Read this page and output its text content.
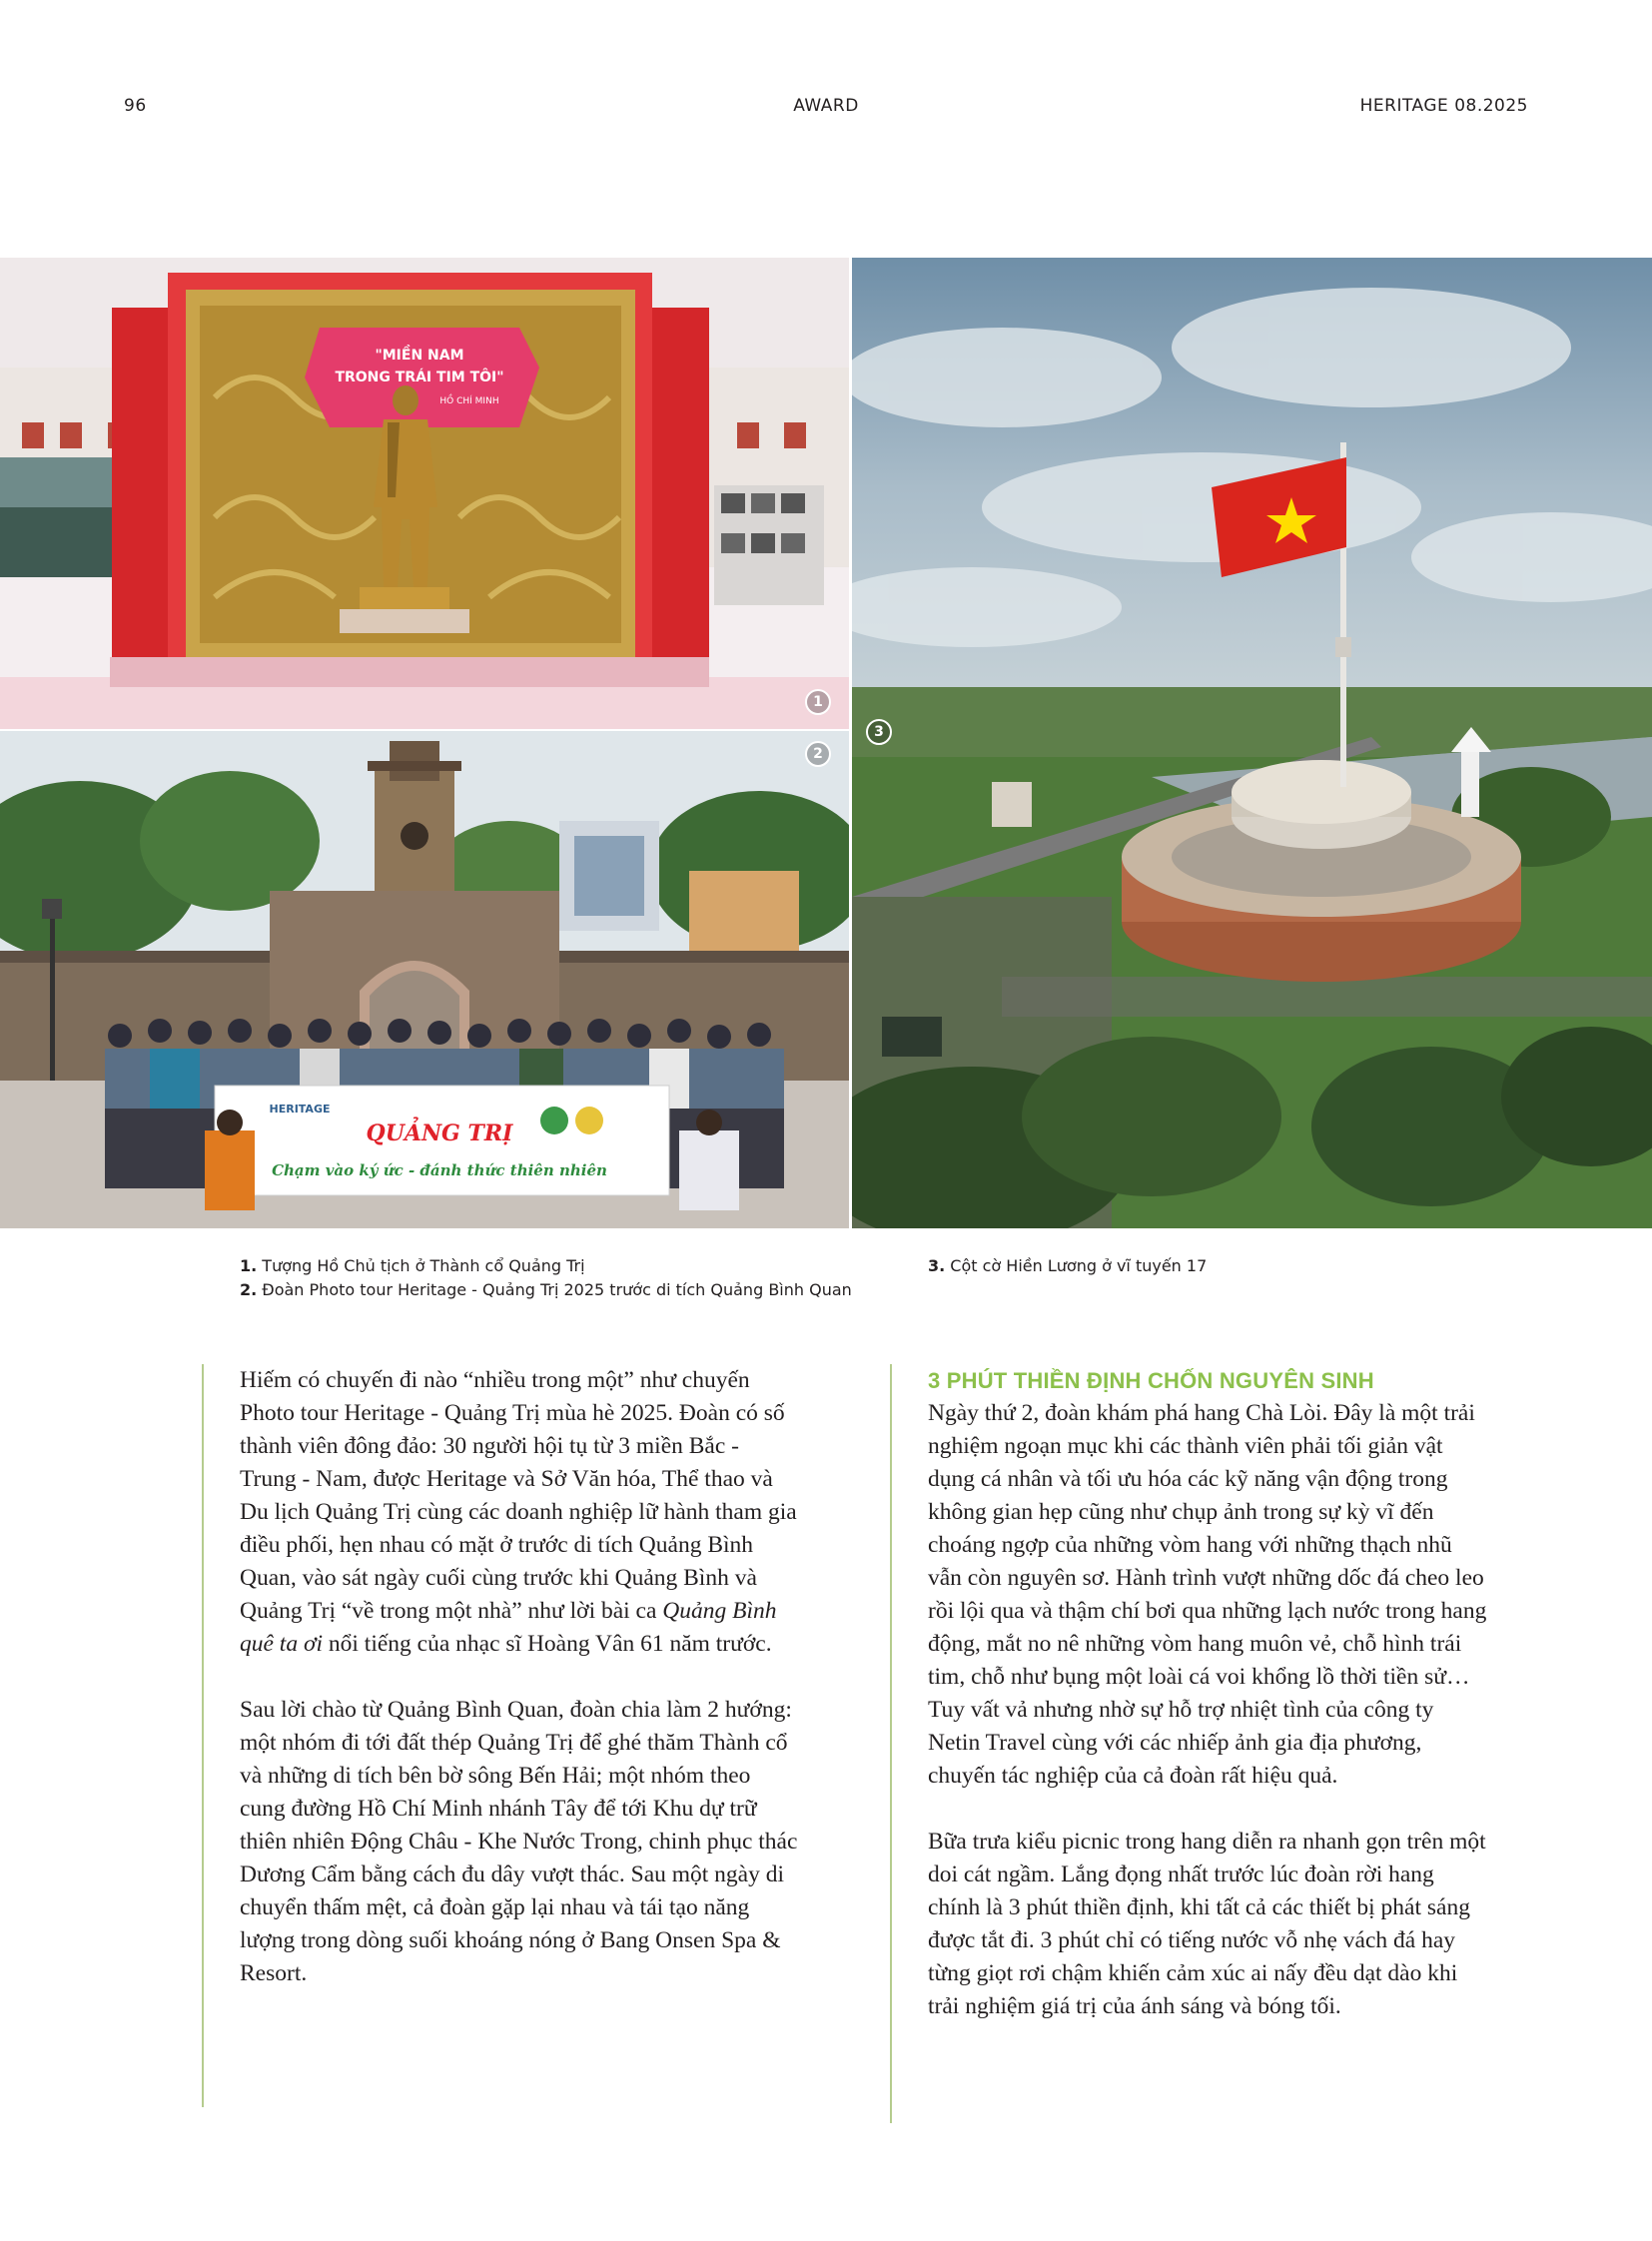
96	AWARD	HERITAGE 08.2025
"MIỀN NAM
TRONG TRÁI TIM TÔI"
HỒ CHÍ MINH
1
HERITAGE
QUẢNG TRỊ
Chạm vào ký ức - đánh thức thiên nhiên
2
3
1. Tượng Hồ Chủ tịch ở Thành cổ Quảng Trị
2. Đoàn Photo tour Heritage - Quảng Trị 2025 trước di tích Quảng Bình Quan
3. Cột cờ Hiền Lương ở vĩ tuyến 17

Hiếm có chuyến đi nào “nhiều trong một” như chuyến Photo tour Heritage - Quảng Trị mùa hè 2025. Đoàn có số thành viên đông đảo: 30 người hội tụ từ 3 miền Bắc - Trung - Nam, được Heritage và Sở Văn hóa, Thể thao và Du lịch Quảng Trị cùng các doanh nghiệp lữ hành tham gia điều phối, hẹn nhau có mặt ở trước di tích Quảng Bình Quan, vào sát ngày cuối cùng trước khi Quảng Bình và Quảng Trị “về trong một nhà” như lời bài ca Quảng Bình quê ta ơi nổi tiếng của nhạc sĩ Hoàng Vân 61 năm trước.

Sau lời chào từ Quảng Bình Quan, đoàn chia làm 2 hướng: một nhóm đi tới đất thép Quảng Trị để ghé thăm Thành cổ và những di tích bên bờ sông Bến Hải; một nhóm theo cung đường Hồ Chí Minh nhánh Tây để tới Khu dự trữ thiên nhiên Động Châu - Khe Nước Trong, chinh phục thác Dương Cẩm bằng cách đu dây vượt thác. Sau một ngày di chuyển thấm mệt, cả đoàn gặp lại nhau và tái tạo năng lượng trong dòng suối khoáng nóng ở Bang Onsen Spa & Resort.

3 PHÚT THIỀN ĐỊNH CHỐN NGUYÊN SINH

Ngày thứ 2, đoàn khám phá hang Chà Lòi. Đây là một trải nghiệm ngoạn mục khi các thành viên phải tối giản vật dụng cá nhân và tối ưu hóa các kỹ năng vận động trong không gian hẹp cũng như chụp ảnh trong sự kỳ vĩ đến choáng ngợp của những vòm hang với những thạch nhũ vẫn còn nguyên sơ. Hành trình vượt những dốc đá cheo leo rồi lội qua và thậm chí bơi qua những lạch nước trong hang động, mắt no nê những vòm hang muôn vẻ, chỗ hình trái tim, chỗ như bụng một loài cá voi khổng lồ thời tiền sử… Tuy vất vả nhưng nhờ sự hỗ trợ nhiệt tình của công ty Netin Travel cùng với các nhiếp ảnh gia địa phương, chuyến tác nghiệp của cả đoàn rất hiệu quả.

Bữa trưa kiểu picnic trong hang diễn ra nhanh gọn trên một doi cát ngầm. Lắng đọng nhất trước lúc đoàn rời hang chính là 3 phút thiền định, khi tất cả các thiết bị phát sáng được tắt đi. 3 phút chỉ có tiếng nước vỗ nhẹ vách đá hay từng giọt rơi chậm khiến cảm xúc ai nấy đều dạt dào khi trải nghiệm giá trị của ánh sáng và bóng tối.
